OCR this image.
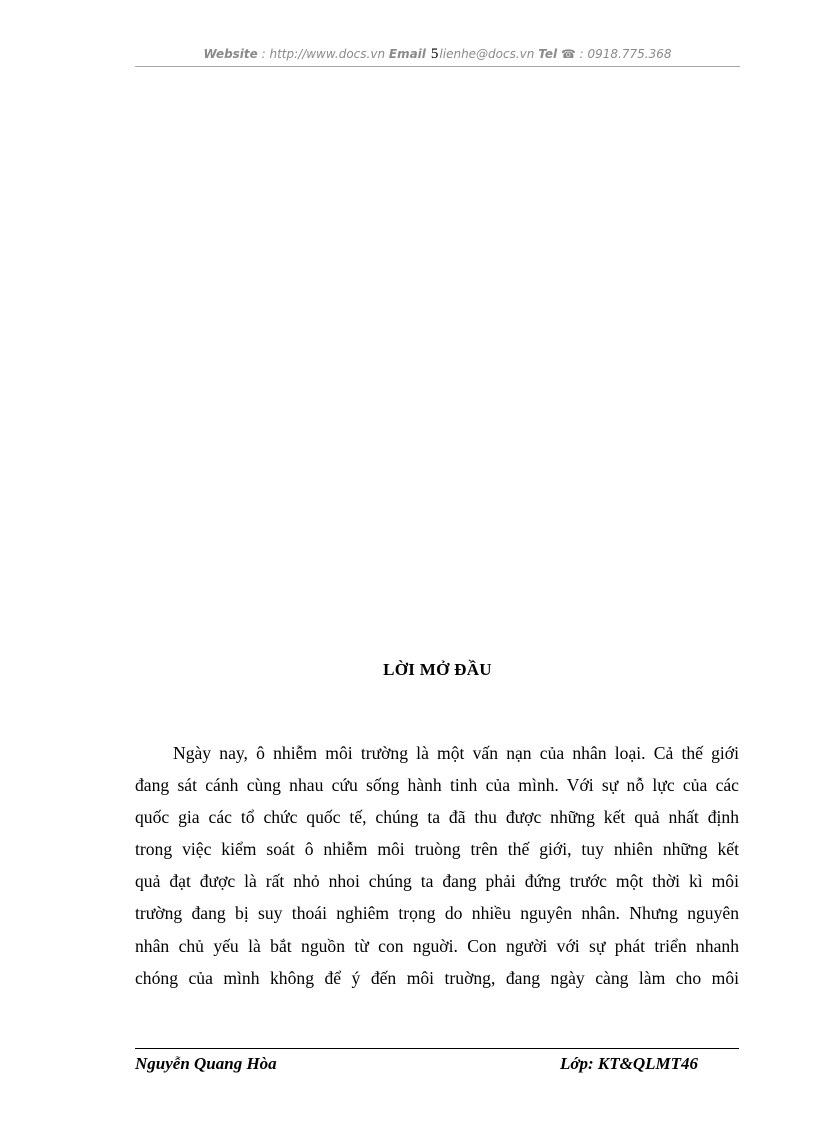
Website : http://www.docs.vn Email 5lienhe@docs.vn Tel ☎ : 0918.775.368
LỜI MỞ ĐẦU
Ngày nay, ô nhiễm môi trường là một vấn nạn của nhân loại. Cả thế giới
đang sát cánh cùng nhau cứu sống hành tinh của mình. Với sự nỗ lực của các
quốc gia các tổ chức quốc tế, chúng ta đã thu được những kết quả nhất định
trong việc kiểm soát ô nhiễm môi truòng trên thế giới, tuy nhiên những kết
quả đạt được là rất nhỏ nhoi chúng ta đang phải đứng trước một thời kì môi
trường đang bị suy thoái nghiêm trọng do nhiều nguyên nhân. Nhưng nguyên
nhân chủ yếu là bắt nguồn từ con nguời. Con người với sự phát triển nhanh
chóng của mình không để ý đến môi truờng, đang ngày càng làm cho môi
Nguyễn Quang Hòa	Lớp: KT&QLMT46
